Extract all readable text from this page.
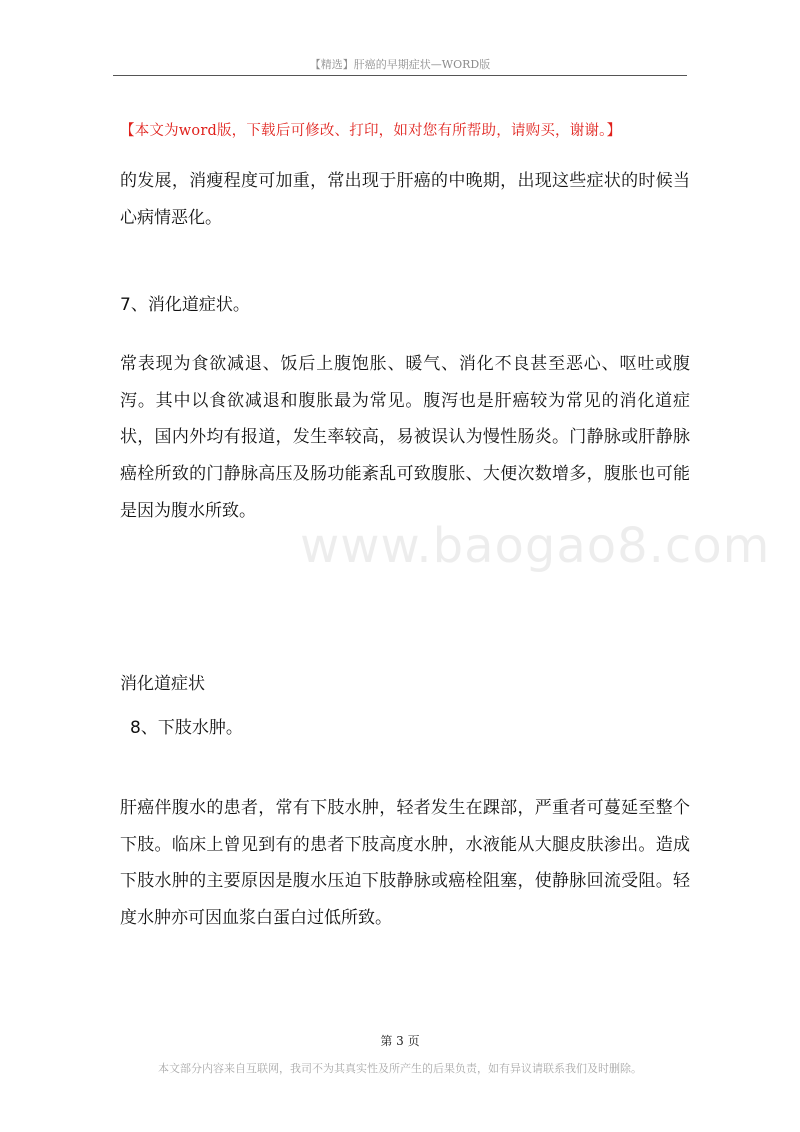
【精选】肝癌的早期症状—WORD版
【本文为word版，下载后可修改、打印，如对您有所帮助，请购买，谢谢。】
的发展，消瘦程度可加重，常出现于肝癌的中晚期，出现这些症状的时候当心病情恶化。
7、消化道症状。
常表现为食欲减退、饭后上腹饱胀、暖气、消化不良甚至恶心、呕吐或腹泻。其中以食欲减退和腹胀最为常见。腹泻也是肝癌较为常见的消化道症状，国内外均有报道，发生率较高，易被误认为慢性肠炎。门静脉或肝静脉癌栓所致的门静脉高压及肠功能紊乱可致腹胀、大便次数增多，腹胀也可能是因为腹水所致。
www.baogao8.com
消化道症状
8、下肢水肿。
肝癌伴腹水的患者，常有下肢水肿，轻者发生在踝部，严重者可蔓延至整个下肢。临床上曾见到有的患者下肢高度水肿，水液能从大腿皮肤渗出。造成下肢水肿的主要原因是腹水压迫下肢静脉或癌栓阻塞，使静脉回流受阻。轻度水肿亦可因血浆白蛋白过低所致。
第 3 页
本文部分内容来自互联网，我司不为其真实性及所产生的后果负责，如有异议请联系我们及时删除。
